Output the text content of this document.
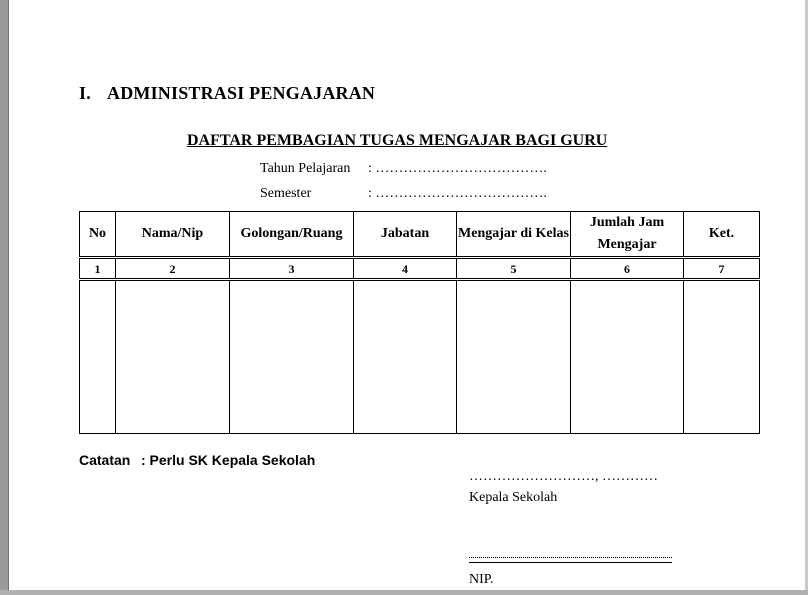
I. ADMINISTRASI PENGAJARAN
DAFTAR PEMBAGIAN TUGAS MENGAJAR BAGI GURU
Tahun Pelajaran : ……………………………….
Semester	: ……………………………….
No	Nama/Nip	Golongan/Ruang	Jabatan	Mengajar di Kelas	Jumlah Jam Mengajar	Ket.
1	2	3	4	5	6	7

Catatan : Perlu SK Kepala Sekolah
………………………, …………
Kepala Sekolah
NIP.
